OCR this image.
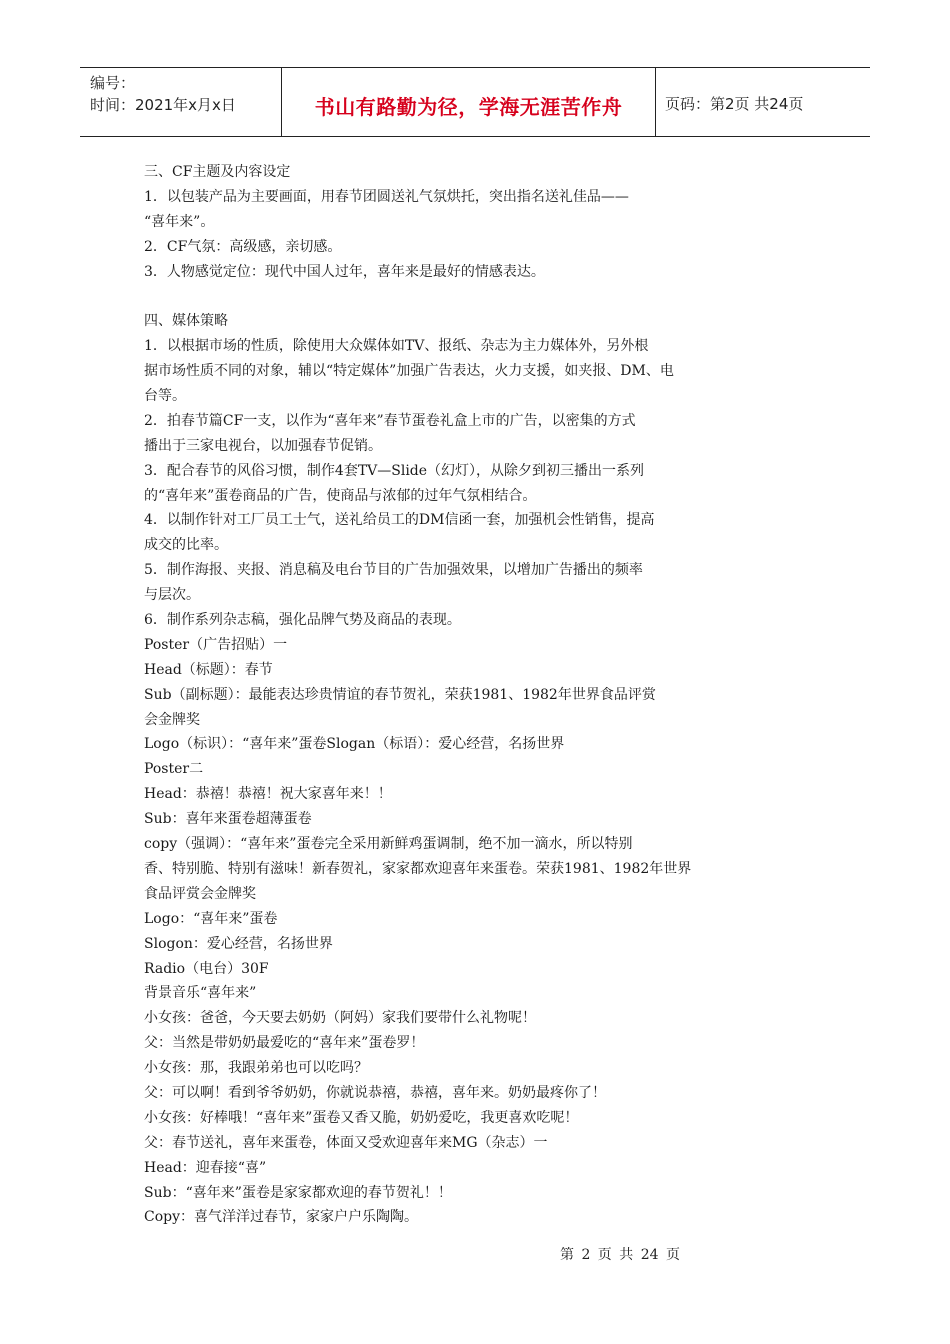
编号：
时间：2021年x月x日	书山有路勤为径，学海无涯苦作舟	页码：第2页 共24页
三、CF主题及内容设定
1．以包装产品为主要画面，用春节团圆送礼气氛烘托，突出指名送礼佳品——
“喜年来”。
2．CF气氛：高级感，亲切感。
3．人物感觉定位：现代中国人过年，喜年来是最好的情感表达。
四、媒体策略
1．以根据市场的性质，除使用大众媒体如TV、报纸、杂志为主力媒体外，另外根
据市场性质不同的对象，辅以“特定媒体”加强广告表达，火力支援，如夹报、DM、电
台等。
2．拍春节篇CF一支，以作为“喜年来”春节蛋卷礼盒上市的广告，以密集的方式
播出于三家电视台，以加强春节促销。
3．配合春节的风俗习惯，制作4套TV—Slide（幻灯），从除夕到初三播出一系列
的“喜年来”蛋卷商品的广告，使商品与浓郁的过年气氛相结合。
4．以制作针对工厂员工士气，送礼给员工的DM信函一套，加强机会性销售，提高
成交的比率。
5．制作海报、夹报、消息稿及电台节目的广告加强效果，以增加广告播出的频率
与层次。
6．制作系列杂志稿，强化品牌气势及商品的表现。
Poster（广告招贴）一
Head（标题）：春节
Sub（副标题）：最能表达珍贵情谊的春节贺礼，荣获1981、1982年世界食品评赏
会金牌奖
Logo（标识）：“喜年来”蛋卷Slogan（标语）：爱心经营，名扬世界
Poster二
Head：恭禧！恭禧！祝大家喜年来！！
Sub：喜年来蛋卷超薄蛋卷
copy（强调）：“喜年来”蛋卷完全采用新鲜鸡蛋调制，绝不加一滴水，所以特别
香、特别脆、特别有滋味！新春贺礼，家家都欢迎喜年来蛋卷。荣获1981、1982年世界
食品评赏会金牌奖
Logo：“喜年来”蛋卷
Slogon：爱心经营，名扬世界
Radio（电台）30F
背景音乐“喜年来”
小女孩：爸爸，今天要去奶奶（阿妈）家我们要带什么礼物呢！
父：当然是带奶奶最爱吃的“喜年来”蛋卷罗！
小女孩：那，我跟弟弟也可以吃吗？
父：可以啊！看到爷爷奶奶，你就说恭禧，恭禧，喜年来。奶奶最疼你了！
小女孩：好棒哦！“喜年来”蛋卷又香又脆，奶奶爱吃，我更喜欢吃呢！
父：春节送礼，喜年来蛋卷，体面又受欢迎喜年来MG（杂志）一
Head：迎春接“喜”
Sub：“喜年来”蛋卷是家家都欢迎的春节贺礼！！
Copy：喜气洋洋过春节，家家户户乐陶陶。
第 2 页 共 24 页
